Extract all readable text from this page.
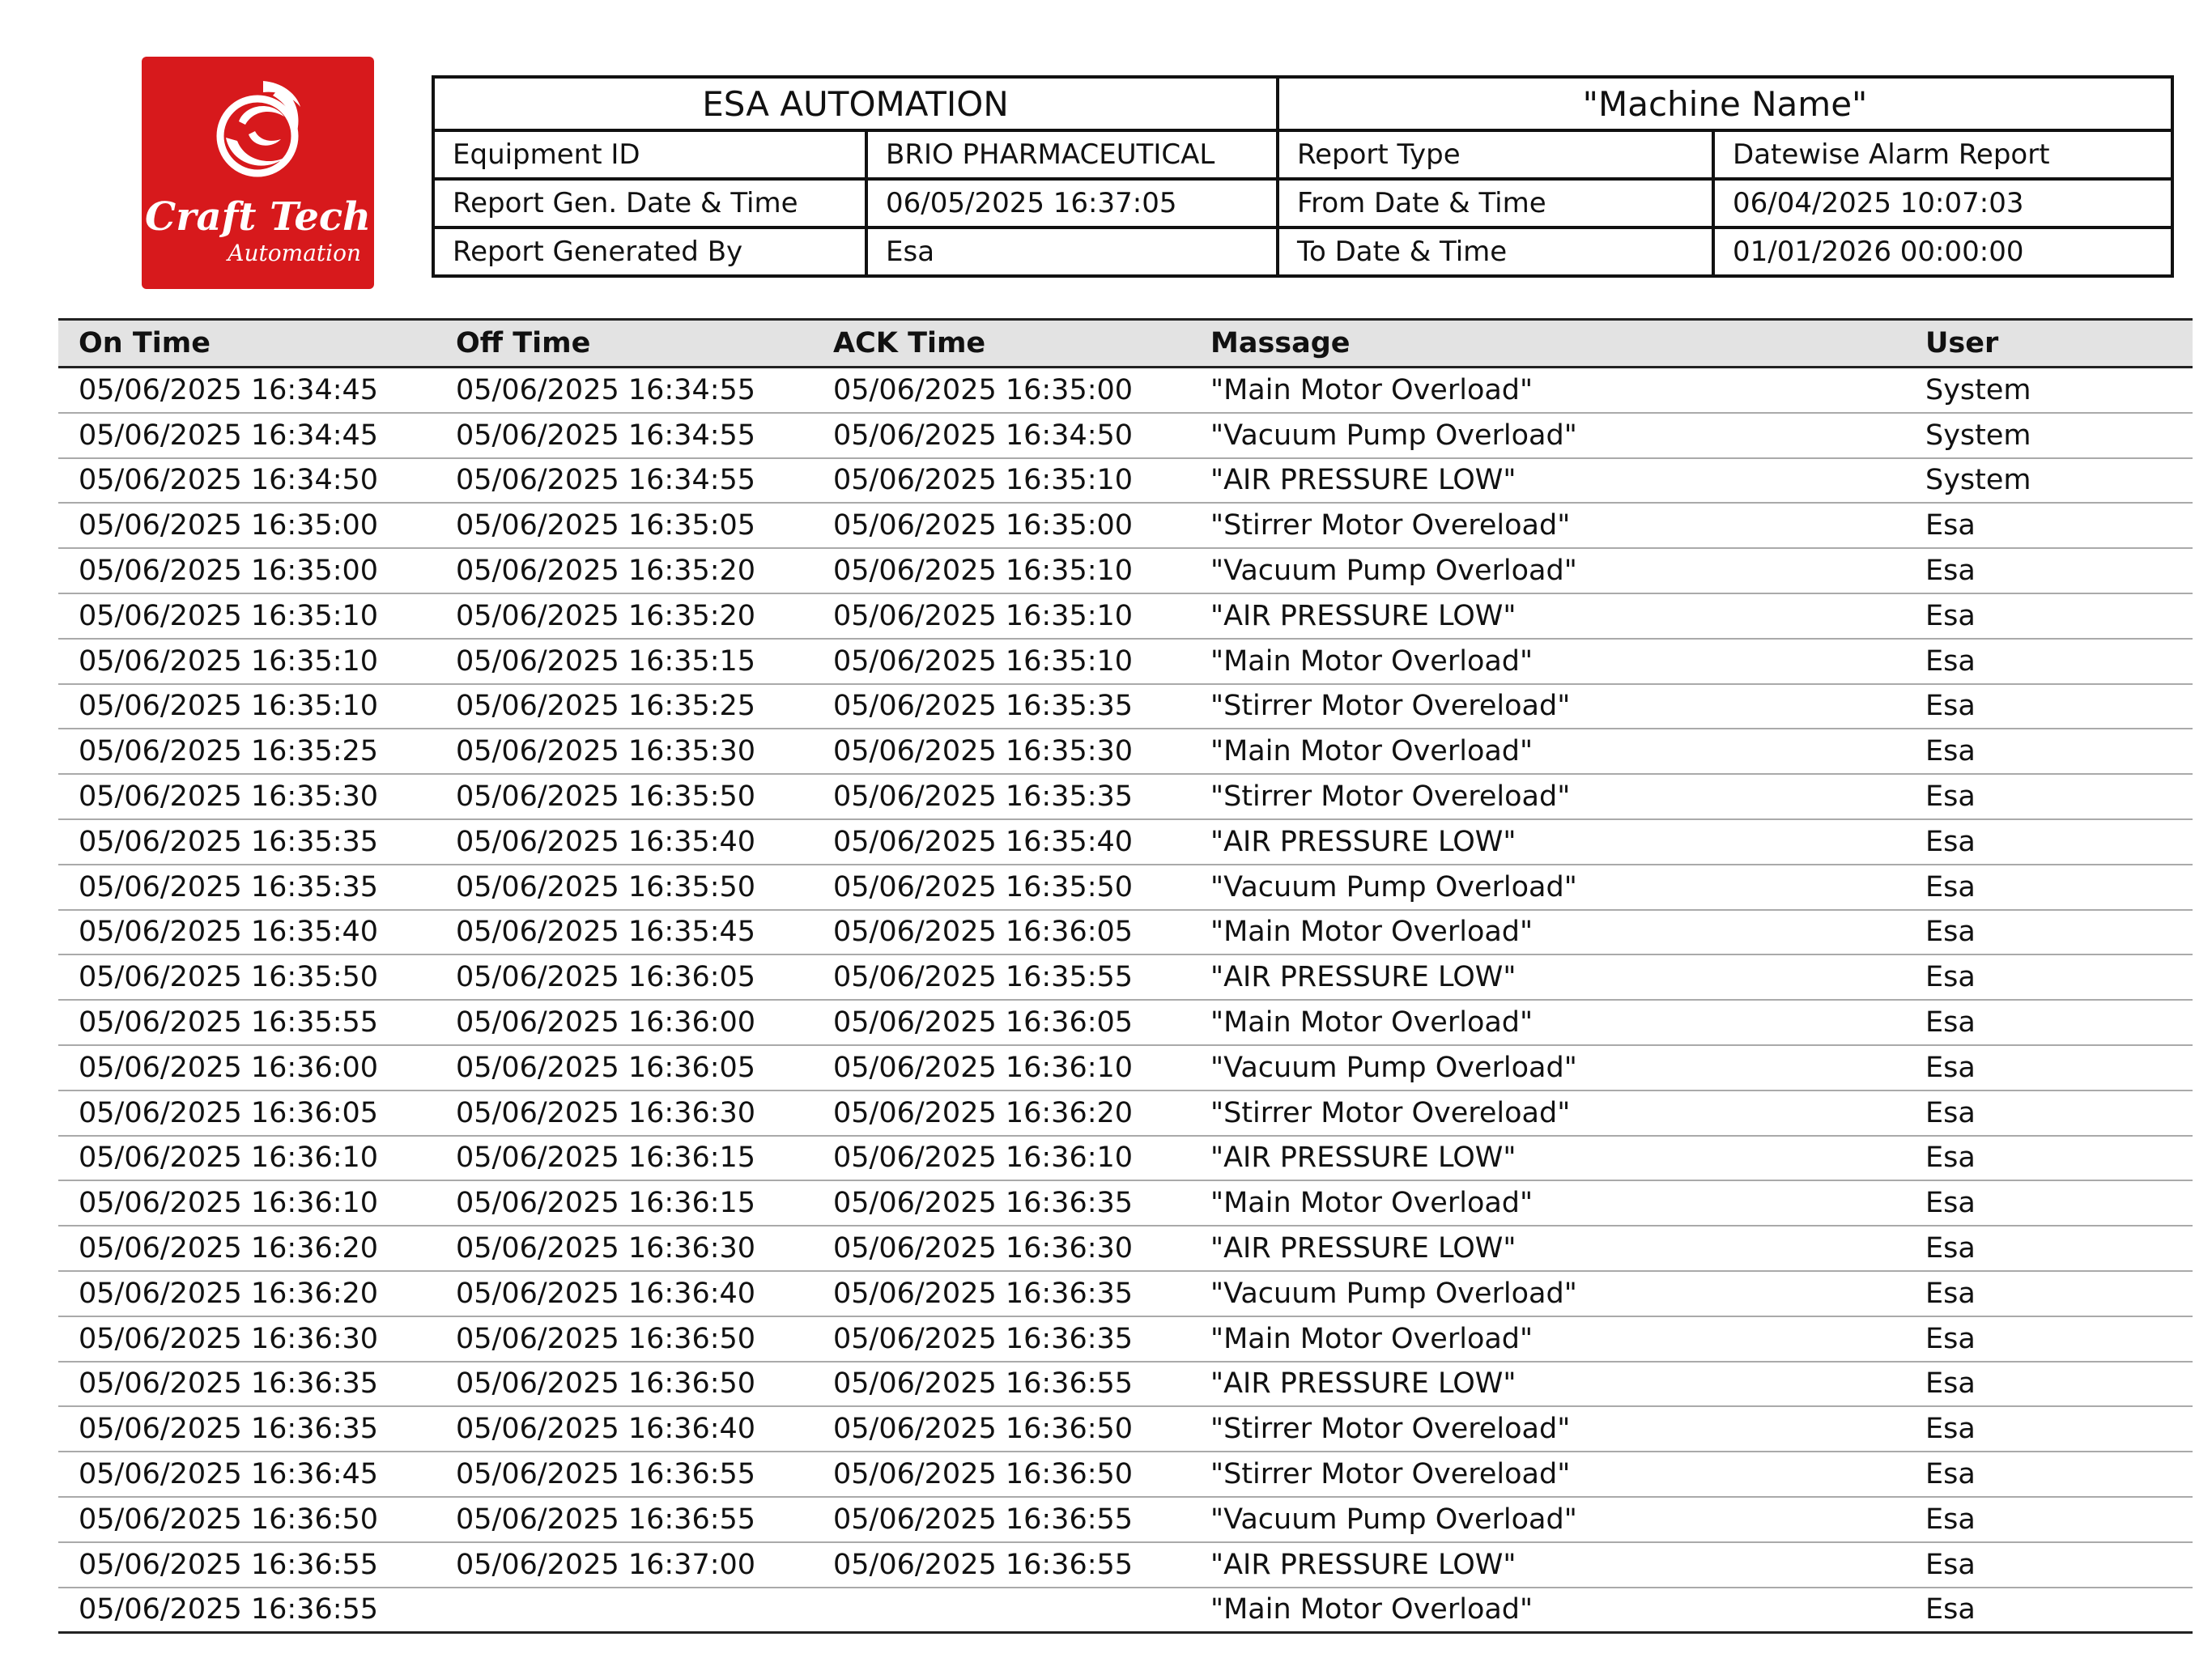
Craft Tech
Automation
ESA AUTOMATION		"Machine Name"	
Equipment ID	BRIO PHARMACEUTICAL	Report Type	Datewise Alarm Report
Report Gen. Date & Time	06/05/2025 16:37:05	From Date & Time	06/04/2025 10:07:03
Report Generated By	Esa	To Date & Time	01/01/2026 00:00:00
On Time	Off Time	ACK Time	Massage	User
05/06/2025 16:34:45	05/06/2025 16:34:55	05/06/2025 16:35:00	"Main Motor Overload"	System
05/06/2025 16:34:45	05/06/2025 16:34:55	05/06/2025 16:34:50	"Vacuum Pump Overload"	System
05/06/2025 16:34:50	05/06/2025 16:34:55	05/06/2025 16:35:10	"AIR PRESSURE LOW"	System
05/06/2025 16:35:00	05/06/2025 16:35:05	05/06/2025 16:35:00	"Stirrer Motor Overeload"	Esa
05/06/2025 16:35:00	05/06/2025 16:35:20	05/06/2025 16:35:10	"Vacuum Pump Overload"	Esa
05/06/2025 16:35:10	05/06/2025 16:35:20	05/06/2025 16:35:10	"AIR PRESSURE LOW"	Esa
05/06/2025 16:35:10	05/06/2025 16:35:15	05/06/2025 16:35:10	"Main Motor Overload"	Esa
05/06/2025 16:35:10	05/06/2025 16:35:25	05/06/2025 16:35:35	"Stirrer Motor Overeload"	Esa
05/06/2025 16:35:25	05/06/2025 16:35:30	05/06/2025 16:35:30	"Main Motor Overload"	Esa
05/06/2025 16:35:30	05/06/2025 16:35:50	05/06/2025 16:35:35	"Stirrer Motor Overeload"	Esa
05/06/2025 16:35:35	05/06/2025 16:35:40	05/06/2025 16:35:40	"AIR PRESSURE LOW"	Esa
05/06/2025 16:35:35	05/06/2025 16:35:50	05/06/2025 16:35:50	"Vacuum Pump Overload"	Esa
05/06/2025 16:35:40	05/06/2025 16:35:45	05/06/2025 16:36:05	"Main Motor Overload"	Esa
05/06/2025 16:35:50	05/06/2025 16:36:05	05/06/2025 16:35:55	"AIR PRESSURE LOW"	Esa
05/06/2025 16:35:55	05/06/2025 16:36:00	05/06/2025 16:36:05	"Main Motor Overload"	Esa
05/06/2025 16:36:00	05/06/2025 16:36:05	05/06/2025 16:36:10	"Vacuum Pump Overload"	Esa
05/06/2025 16:36:05	05/06/2025 16:36:30	05/06/2025 16:36:20	"Stirrer Motor Overeload"	Esa
05/06/2025 16:36:10	05/06/2025 16:36:15	05/06/2025 16:36:10	"AIR PRESSURE LOW"	Esa
05/06/2025 16:36:10	05/06/2025 16:36:15	05/06/2025 16:36:35	"Main Motor Overload"	Esa
05/06/2025 16:36:20	05/06/2025 16:36:30	05/06/2025 16:36:30	"AIR PRESSURE LOW"	Esa
05/06/2025 16:36:20	05/06/2025 16:36:40	05/06/2025 16:36:35	"Vacuum Pump Overload"	Esa
05/06/2025 16:36:30	05/06/2025 16:36:50	05/06/2025 16:36:35	"Main Motor Overload"	Esa
05/06/2025 16:36:35	05/06/2025 16:36:50	05/06/2025 16:36:55	"AIR PRESSURE LOW"	Esa
05/06/2025 16:36:35	05/06/2025 16:36:40	05/06/2025 16:36:50	"Stirrer Motor Overeload"	Esa
05/06/2025 16:36:45	05/06/2025 16:36:55	05/06/2025 16:36:50	"Stirrer Motor Overeload"	Esa
05/06/2025 16:36:50	05/06/2025 16:36:55	05/06/2025 16:36:55	"Vacuum Pump Overload"	Esa
05/06/2025 16:36:55	05/06/2025 16:37:00	05/06/2025 16:36:55	"AIR PRESSURE LOW"	Esa
05/06/2025 16:36:55			"Main Motor Overload"	Esa
